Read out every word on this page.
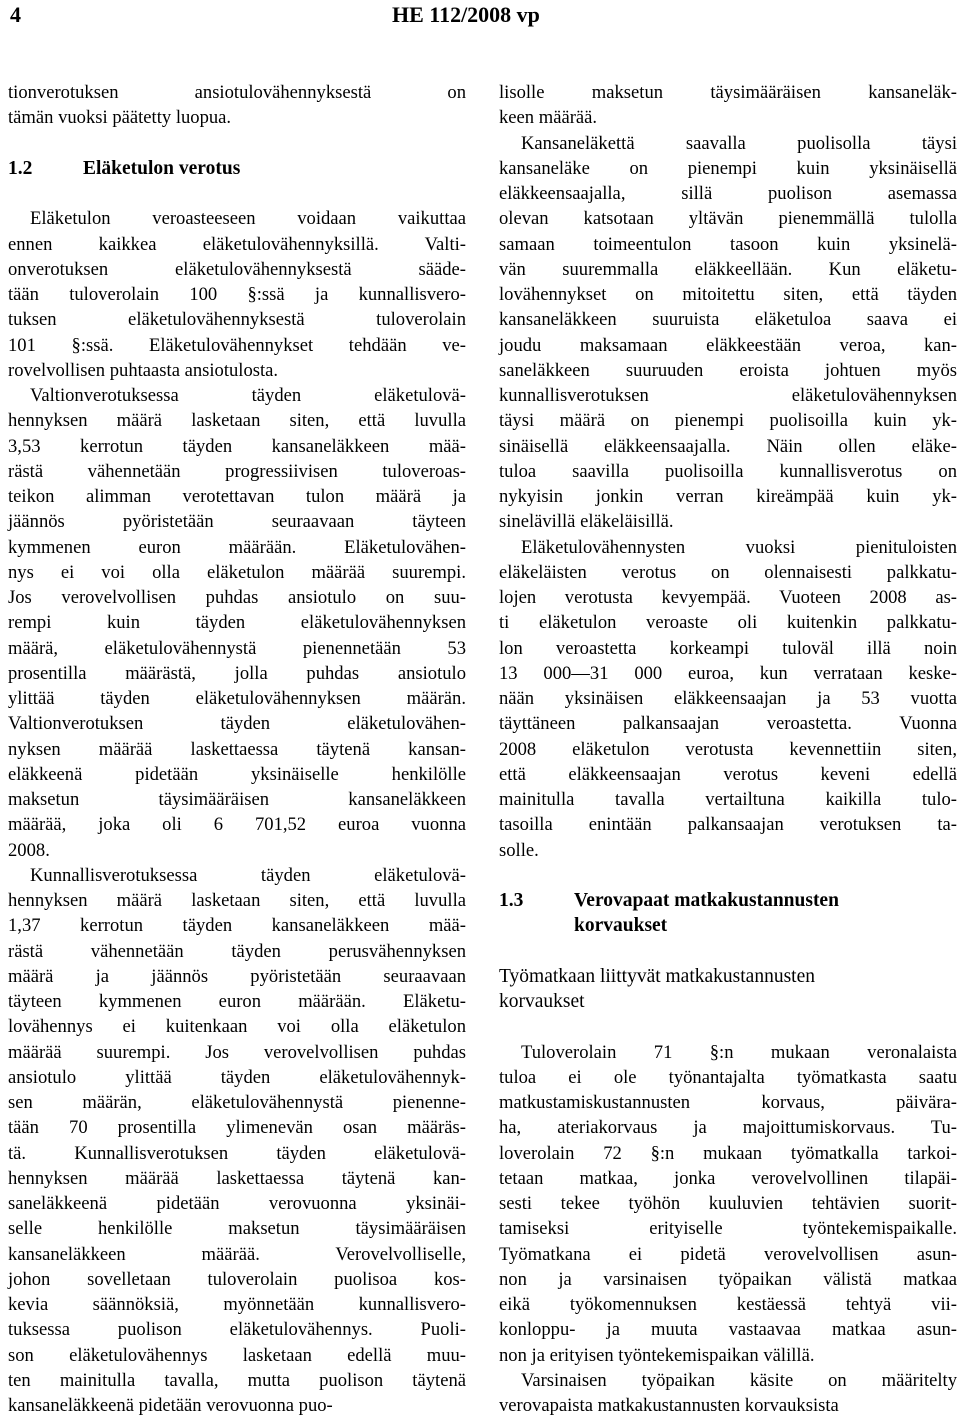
4	HE 112/2008 vp
tionverotuksen ansiotulovähennyksestä on
tämän vuoksi päätetty luopua.
1.2	Eläketulon verotus
Eläketulon veroasteeseen voidaan vaikuttaa
ennen kaikkea eläketulovähennyksillä. Valti-
onverotuksen eläketulovähennyksestä sääde-
tään tuloverolain 100 §:ssä ja kunnallisvero-
tuksen eläketulovähennyksestä tuloverolain
101 §:ssä. Eläketulovähennykset tehdään ve-
rovelvollisen puhtaasta ansiotulosta.
Valtionverotuksessa täyden eläketulovä-
hennyksen määrä lasketaan siten, että luvulla
3,53 kerrotun täyden kansaneläkkeen mää-
rästä vähennetään progressiivisen tuloveroas-
teikon alimman verotettavan tulon määrä ja
jäännös pyöristetään seuraavaan täyteen
kymmenen euron määrään. Eläketulovähen-
nys ei voi olla eläketulon määrää suurempi.
Jos verovelvollisen puhdas ansiotulo on suu-
rempi kuin täyden eläketulovähennyksen
määrä, eläketulovähennystä pienennetään 53
prosentilla määrästä, jolla puhdas ansiotulo
ylittää täyden eläketulovähennyksen määrän.
Valtionverotuksen täyden eläketulovähen-
nyksen määrää laskettaessa täytenä kansan-
eläkkeenä pidetään yksinäiselle henkilölle
maksetun täysimääräisen kansaneläkkeen
määrää, joka oli 6 701,52 euroa vuonna
2008.
Kunnallisverotuksessa täyden eläketulovä-
hennyksen määrä lasketaan siten, että luvulla
1,37 kerrotun täyden kansaneläkkeen mää-
rästä vähennetään täyden perusvähennyksen
määrä ja jäännös pyöristetään seuraavaan
täyteen kymmenen euron määrään. Eläketu-
lovähennys ei kuitenkaan voi olla eläketulon
määrää suurempi. Jos verovelvollisen puhdas
ansiotulo ylittää täyden eläketulovähennyk-
sen määrän, eläketulovähennystä pienenne-
tään 70 prosentilla ylimenevän osan määräs-
tä. Kunnallisverotuksen täyden eläketulovä-
hennyksen määrää laskettaessa täytenä kan-
saneläkkeenä pidetään verovuonna yksinäi-
selle henkilölle maksetun täysimääräisen
kansaneläkkeen määrää. Verovelvolliselle,
johon sovelletaan tuloverolain puolisoa kos-
kevia säännöksiä, myönnetään kunnallisvero-
tuksessa puolison eläketulovähennys. Puoli-
son eläketulovähennys lasketaan edellä muu-
ten mainitulla tavalla, mutta puolison täytenä
kansaneläkkeenä pidetään verovuonna puo-
lisolle maksetun täysimääräisen kansaneläk-
keen määrää.
Kansaneläkettä saavalla puolisolla täysi
kansaneläke on pienempi kuin yksinäisellä
eläkkeensaajalla, sillä puolison asemassa
olevan katsotaan yltävän pienemmällä tulolla
samaan toimeentulon tasoon kuin yksinelä-
vän suuremmalla eläkkeellään. Kun eläketu-
lovähennykset on mitoitettu siten, että täyden
kansaneläkkeen suuruista eläketuloa saava ei
joudu maksamaan eläkkeestään veroa, kan-
saneläkkeen suuruuden eroista johtuen myös
kunnallisverotuksen eläketulovähennyksen
täysi määrä on pienempi puolisoilla kuin yk-
sinäisellä eläkkeensaajalla. Näin ollen eläke-
tuloa saavilla puolisoilla kunnallisverotus on
nykyisin jonkin verran kireämpää kuin yk-
sinelävillä eläkeläisillä.
Eläketulovähennysten vuoksi pienituloisten
eläkeläisten verotus on olennaisesti palkkatu-
lojen verotusta kevyempää. Vuoteen 2008 as-
ti eläketulon veroaste oli kuitenkin palkkatu-
lon veroastetta korkeampi tuloväl illä noin
13 000—31 000 euroa, kun verrataan keske-
nään yksinäisen eläkkeensaajan ja 53 vuotta
täyttäneen palkansaajan veroastetta. Vuonna
2008 eläketulon verotusta kevennettiin siten,
että eläkkeensaajan verotus keveni edellä
mainitulla tavalla vertailtuna kaikilla tulo-
tasoilla enintään palkansaajan verotuksen ta-
solle.
1.3	Verovapaat matkakustannusten
korvaukset
Työmatkaan liittyvät matkakustannusten
korvaukset
Tuloverolain 71 §:n mukaan veronalaista
tuloa ei ole työnantajalta työmatkasta saatu
matkustamiskustannusten korvaus, päivära-
ha, ateriakorvaus ja majoittumiskorvaus. Tu-
loverolain 72 §:n mukaan työmatkalla tarkoi-
tetaan matkaa, jonka verovelvollinen tilapäi-
sesti tekee työhön kuuluvien tehtävien suorit-
tamiseksi erityiselle työntekemispaikalle.
Työmatkana ei pidetä verovelvollisen asun-
non ja varsinaisen työpaikan välistä matkaa
eikä työkomennuksen kestäessä tehtyä vii-
konloppu- ja muuta vastaavaa matkaa asun-
non ja erityisen työntekemispaikan välillä.
Varsinaisen työpaikan käsite on määritelty
verovapaista matkakustannusten korvauksista
